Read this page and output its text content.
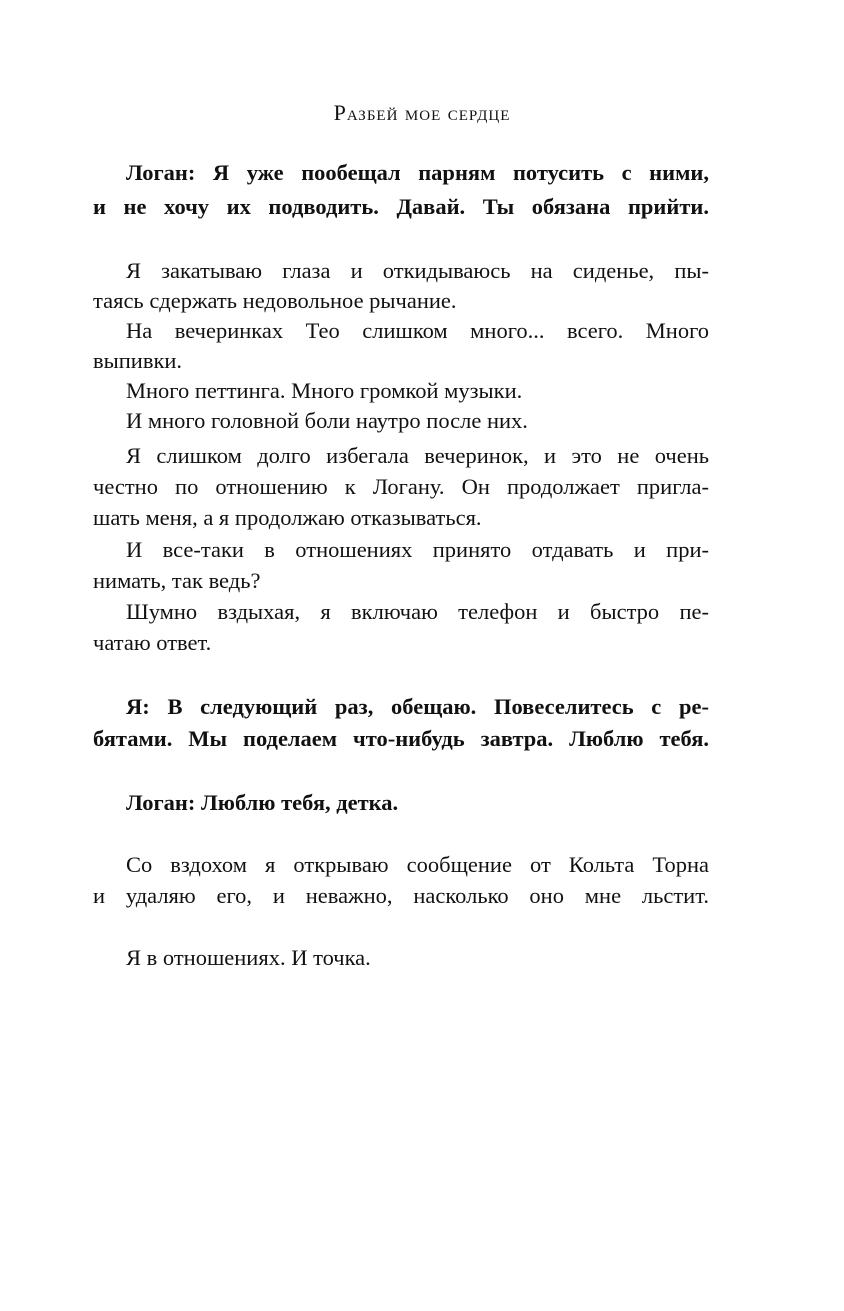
Разбей мое сердце
Логан: Я уже пообещал парням потусить с ними,
и не хочу их подводить. Давай. Ты обязана прийти.
Я закатываю глаза и откидываюсь на сиденье, пы-
таясь сдержать недовольное рычание.
На вечеринках Тео слишком много... всего. Много
выпивки.
Много петтинга. Много громкой музыки.
И много головной боли наутро после них.
Я слишком долго избегала вечеринок, и это не очень
честно по отношению к Логану. Он продолжает пригла-
шать меня, а я продолжаю отказываться.
И все-таки в отношениях принято отдавать и при-
нимать, так ведь?
Шумно вздыхая, я включаю телефон и быстро пе-
чатаю ответ.
Я: В следующий раз, обещаю. Повеселитесь с ре-
бятами. Мы поделаем что-нибудь завтра. Люблю тебя.
Логан: Люблю тебя, детка.
Со вздохом я открываю сообщение от Кольта Торна
и удаляю его, и неважно, насколько оно мне льстит.
Я в отношениях. И точка.
